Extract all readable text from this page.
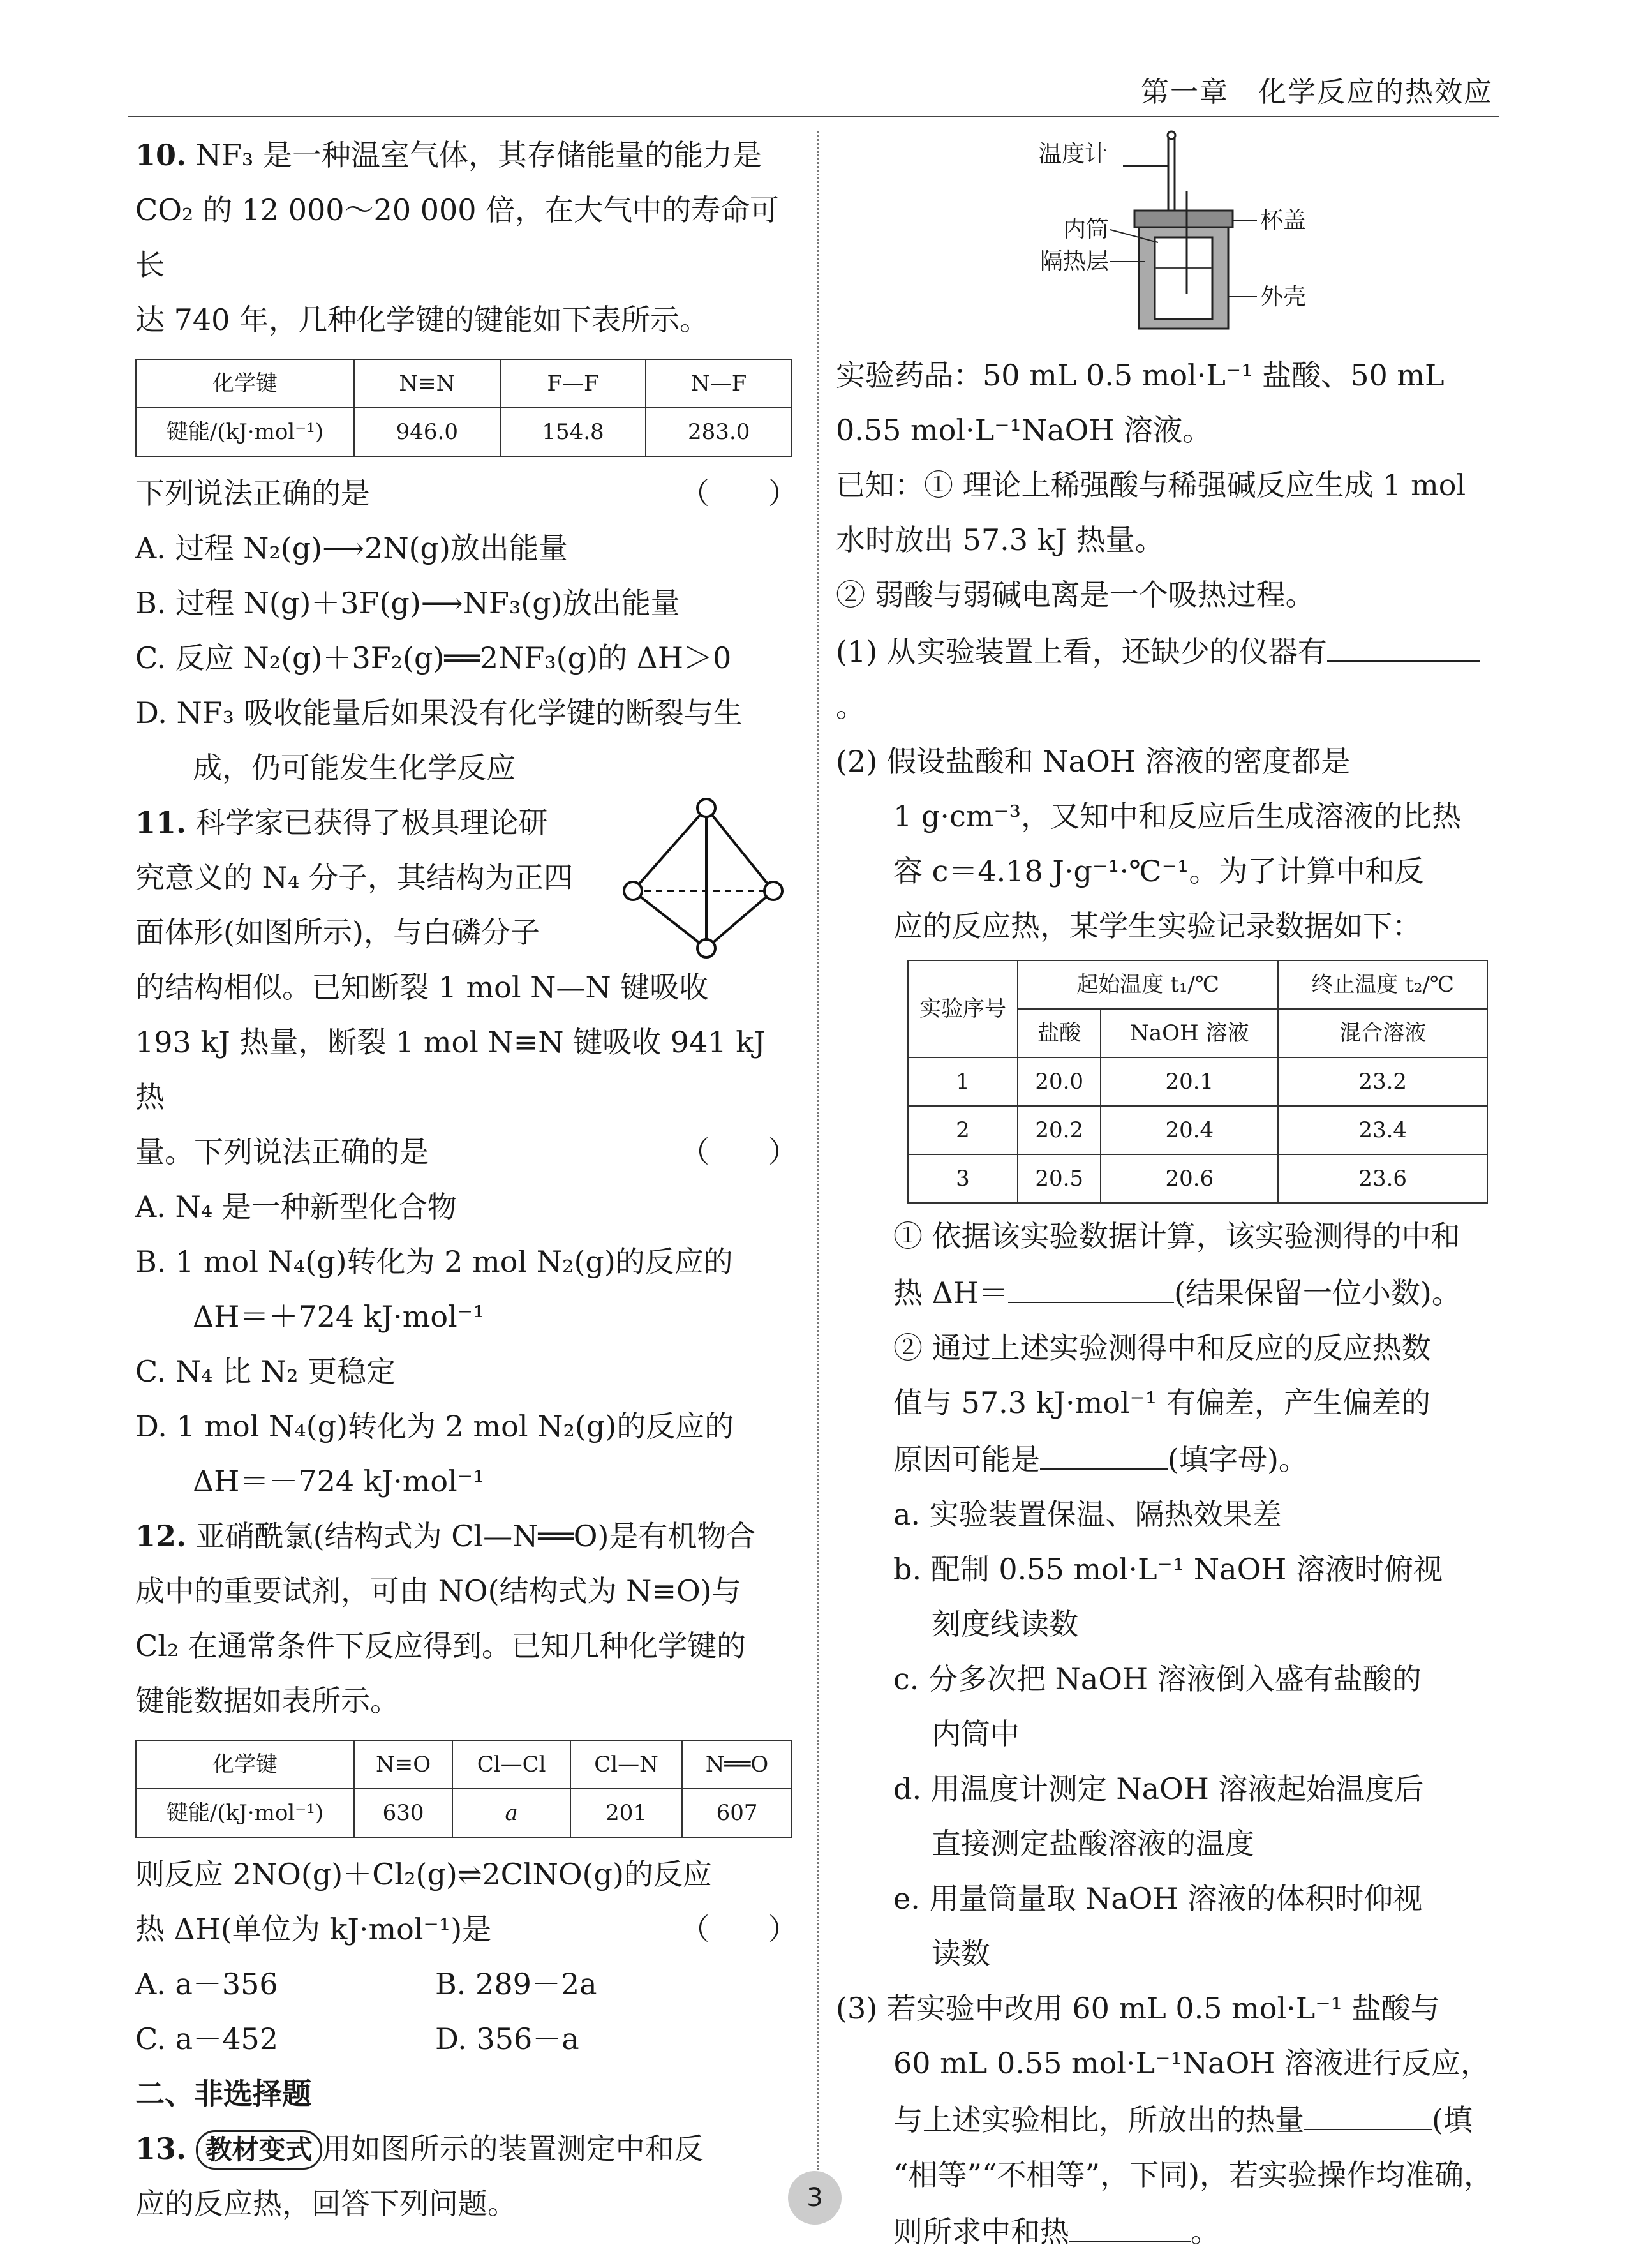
第一章　化学反应的热效应

10. NF₃ 是一种温室气体，其存储能量的能力是

CO₂ 的 12 000～20 000 倍，在大气中的寿命可长

达 740 年，几种化学键的键能如下表所示。

化学键	N≡N	F—F	N—F
键能/(kJ·mol⁻¹)	946.0	154.8	283.0

下列说法正确的是	（　　）

A. 过程 N₂(g)⟶2N(g)放出能量

B. 过程 N(g)＋3F(g)⟶NF₃(g)放出能量

C. 反应 N₂(g)＋3F₂(g)══2NF₃(g)的 ΔH＞0

D. NF₃ 吸收能量后如果没有化学键的断裂与生

成，仍可能发生化学反应

11. 科学家已获得了极具理论研

究意义的 N₄ 分子，其结构为正四

面体形(如图所示)，与白磷分子

的结构相似。已知断裂 1 mol N—N 键吸收

193 kJ 热量，断裂 1 mol N≡N 键吸收 941 kJ 热

量。下列说法正确的是	（　　）

A. N₄ 是一种新型化合物

B. 1 mol N₄(g)转化为 2 mol N₂(g)的反应的

ΔH＝＋724 kJ·mol⁻¹

C. N₄ 比 N₂ 更稳定

D. 1 mol N₄(g)转化为 2 mol N₂(g)的反应的

ΔH＝－724 kJ·mol⁻¹

12. 亚硝酰氯(结构式为 Cl—N══O)是有机物合

成中的重要试剂，可由 NO(结构式为 N≡O)与

Cl₂ 在通常条件下反应得到。已知几种化学键的

键能数据如表所示。

化学键	N≡O	Cl—Cl	Cl—N	N══O
键能/(kJ·mol⁻¹)	630	a	201	607

则反应 2NO(g)＋Cl₂(g)⇌2ClNO(g)的反应

热 ΔH(单位为 kJ·mol⁻¹)是	（　　）

A. a－356	B. 289－2a

C. a－452	D. 356－a

二、非选择题

13. 教材变式 用如图所示的装置测定中和反

应的反应热，回答下列问题。

温度计
杯盖
内筒
隔热层
外壳

实验药品：50 mL 0.5 mol·L⁻¹ 盐酸、50 mL

0.55 mol·L⁻¹NaOH 溶液。

已知：① 理论上稀强酸与稀强碱反应生成 1 mol

水时放出 57.3 kJ 热量。

② 弱酸与弱碱电离是一个吸热过程。

(1) 从实验装置上看，还缺少的仪器有。

(2) 假设盐酸和 NaOH 溶液的密度都是

1 g·cm⁻³，又知中和反应后生成溶液的比热

容 c＝4.18 J·g⁻¹·℃⁻¹。为了计算中和反

应的反应热，某学生实验记录数据如下：

实验序号	起始温度 t₁/℃		终止温度 t₂/℃
	盐酸	NaOH 溶液	混合溶液
1	20.0	20.1	23.2
2	20.2	20.4	23.4
3	20.5	20.6	23.6

① 依据该实验数据计算，该实验测得的中和

热 ΔH＝	(结果保留一位小数)。

② 通过上述实验测得中和反应的反应热数

值与 57.3 kJ·mol⁻¹ 有偏差，产生偏差的

原因可能是	(填字母)。

a. 实验装置保温、隔热效果差

b. 配制 0.55 mol·L⁻¹ NaOH 溶液时俯视

刻度线读数

c. 分多次把 NaOH 溶液倒入盛有盐酸的

内筒中

d. 用温度计测定 NaOH 溶液起始温度后

直接测定盐酸溶液的温度

e. 用量筒量取 NaOH 溶液的体积时仰视

读数

(3) 若实验中改用 60 mL 0.5 mol·L⁻¹ 盐酸与

60 mL 0.55 mol·L⁻¹NaOH 溶液进行反应，

与上述实验相比，所放出的热量	(填

“相等”“不相等”，下同)，若实验操作均准确，

则所求中和热	。

3
